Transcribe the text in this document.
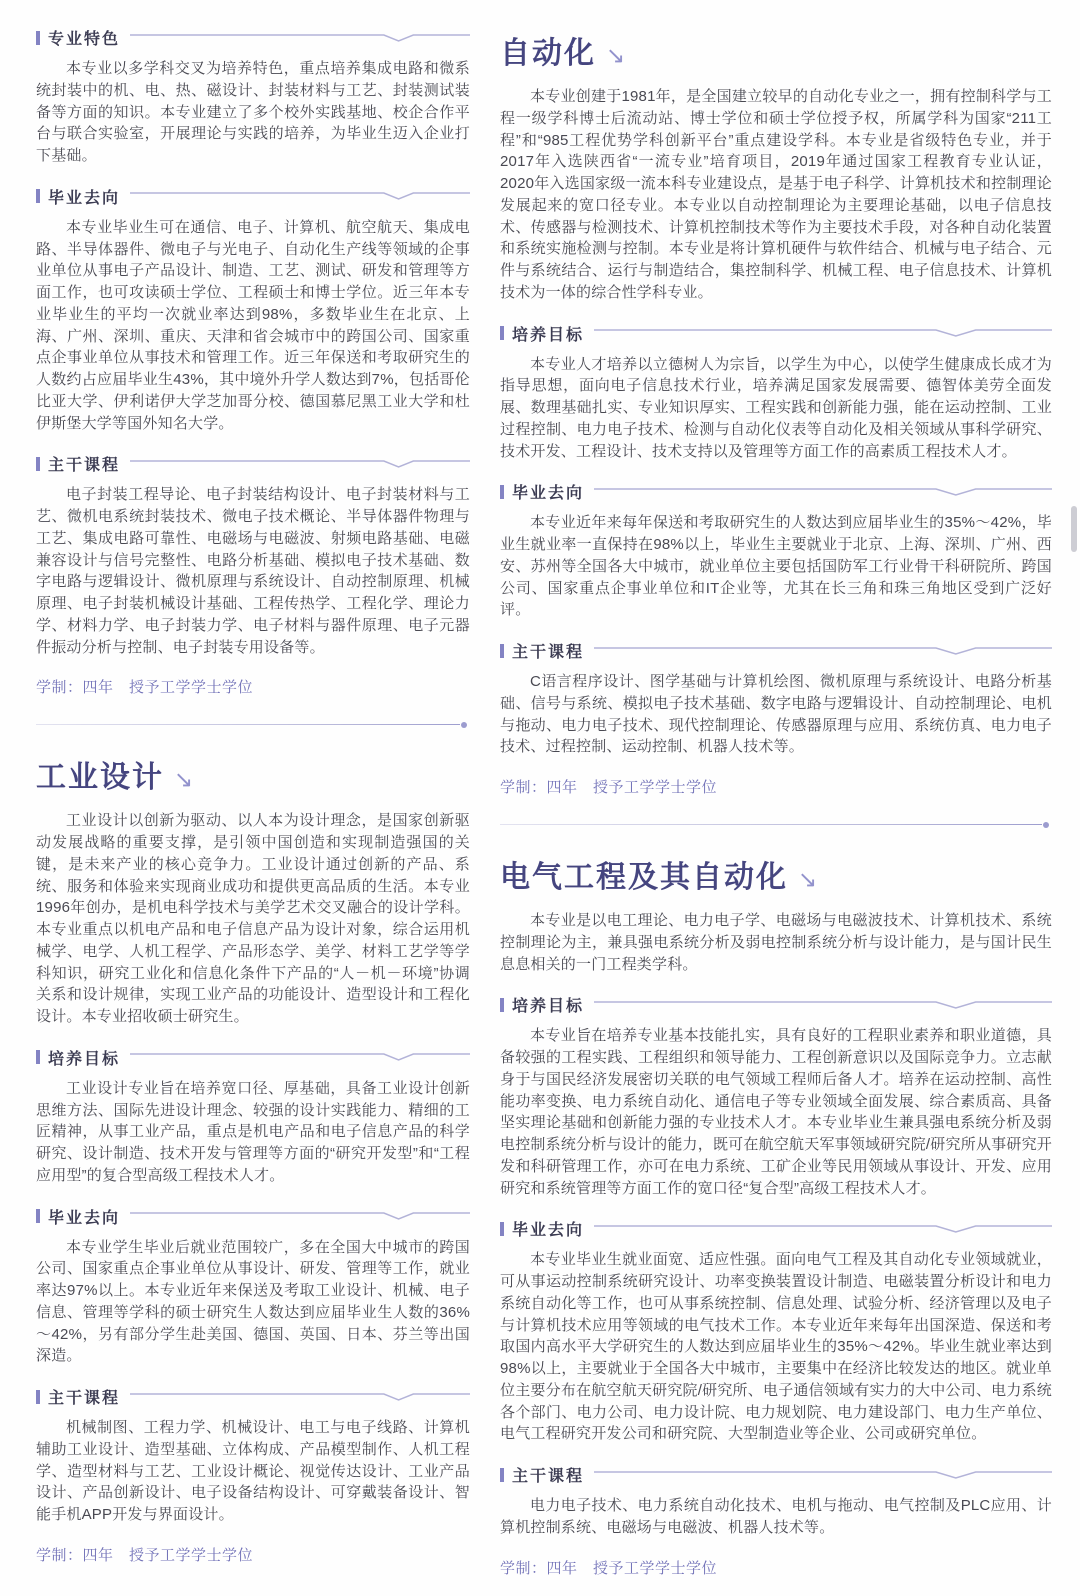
专业特色

本专业以多学科交叉为培养特色，重点培养集成电路和微系统封装中的机、电、热、磁设计、封装材料与工艺、封装测试装备等方面的知识。本专业建立了多个校外实践基地、校企合作平台与联合实验室，开展理论与实践的培养，为毕业生迈入企业打下基础。

毕业去向

本专业毕业生可在通信、电子、计算机、航空航天、集成电路、半导体器件、微电子与光电子、自动化生产线等领域的企事业单位从事电子产品设计、制造、工艺、测试、研发和管理等方面工作，也可攻读硕士学位、工程硕士和博士学位。近三年本专业毕业生的平均一次就业率达到98%，多数毕业生在北京、上海、广州、深圳、重庆、天津和省会城市中的跨国公司、国家重点企事业单位从事技术和管理工作。近三年保送和考取研究生的人数约占应届毕业生43%，其中境外升学人数达到7%，包括哥伦比亚大学、伊利诺伊大学芝加哥分校、德国慕尼黑工业大学和杜伊斯堡大学等国外知名大学。

主干课程

电子封装工程导论、电子封装结构设计、电子封装材料与工艺、微机电系统封装技术、微电子技术概论、半导体器件物理与工艺、集成电路可靠性、电磁场与电磁波、射频电路基础、电磁兼容设计与信号完整性、电路分析基础、模拟电子技术基础、数字电路与逻辑设计、微机原理与系统设计、自动控制原理、机械原理、电子封装机械设计基础、工程传热学、工程化学、理论力学、材料力学、电子封装力学、电子材料与器件原理、电子元器件振动分析与控制、电子封装专用设备等。

学制：四年　授予工学学士学位

工业设计 ↘

工业设计以创新为驱动、以人本为设计理念，是国家创新驱动发展战略的重要支撑，是引领中国创造和实现制造强国的关键，是未来产业的核心竞争力。工业设计通过创新的产品、系统、服务和体验来实现商业成功和提供更高品质的生活。本专业1996年创办，是机电科学技术与美学艺术交叉融合的设计学科。本专业重点以机电产品和电子信息产品为设计对象，综合运用机械学、电学、人机工程学、产品形态学、美学、材料工艺学等学科知识，研究工业化和信息化条件下产品的“人－机－环境”协调关系和设计规律，实现工业产品的功能设计、造型设计和工程化设计。本专业招收硕士研究生。

培养目标

工业设计专业旨在培养宽口径、厚基础，具备工业设计创新思维方法、国际先进设计理念、较强的设计实践能力、精细的工匠精神，从事工业产品，重点是机电产品和电子信息产品的科学研究、设计制造、技术开发与管理等方面的“研究开发型”和“工程应用型”的复合型高级工程技术人才。

毕业去向

本专业学生毕业后就业范围较广，多在全国大中城市的跨国公司、国家重点企事业单位从事设计、研发、管理等工作，就业率达97%以上。本专业近年来保送及考取工业设计、机械、电子信息、管理等学科的硕士研究生人数达到应届毕业生人数的36%～42%，另有部分学生赴美国、德国、英国、日本、芬兰等出国深造。

主干课程

机械制图、工程力学、机械设计、电工与电子线路、计算机辅助工业设计、造型基础、立体构成、产品模型制作、人机工程学、造型材料与工艺、工业设计概论、视觉传达设计、工业产品设计、产品创新设计、电子设备结构设计、可穿戴装备设计、智能手机APP开发与界面设计。

学制：四年　授予工学学士学位

自动化 ↘

本专业创建于1981年，是全国建立较早的自动化专业之一，拥有控制科学与工程一级学科博士后流动站、博士学位和硕士学位授予权，所属学科为国家“211工程”和“985工程优势学科创新平台”重点建设学科。本专业是省级特色专业，并于2017年入选陕西省“一流专业”培育项目，2019年通过国家工程教育专业认证，2020年入选国家级一流本科专业建设点，是基于电子科学、计算机技术和控制理论发展起来的宽口径专业。本专业以自动控制理论为主要理论基础，以电子信息技术、传感器与检测技术、计算机控制技术等作为主要技术手段，对各种自动化装置和系统实施检测与控制。本专业是将计算机硬件与软件结合、机械与电子结合、元件与系统结合、运行与制造结合，集控制科学、机械工程、电子信息技术、计算机技术为一体的综合性学科专业。

培养目标

本专业人才培养以立德树人为宗旨，以学生为中心，以使学生健康成长成才为指导思想，面向电子信息技术行业，培养满足国家发展需要、德智体美劳全面发展、数理基础扎实、专业知识厚实、工程实践和创新能力强，能在运动控制、工业过程控制、电力电子技术、检测与自动化仪表等自动化及相关领域从事科学研究、技术开发、工程设计、技术支持以及管理等方面工作的高素质工程技术人才。

毕业去向

本专业近年来每年保送和考取研究生的人数达到应届毕业生的35%～42%，毕业生就业率一直保持在98%以上，毕业生主要就业于北京、上海、深圳、广州、西安、苏州等全国各大中城市，就业单位主要包括国防军工行业骨干科研院所、跨国公司、国家重点企事业单位和IT企业等，尤其在长三角和珠三角地区受到广泛好评。

主干课程

C语言程序设计、图学基础与计算机绘图、微机原理与系统设计、电路分析基础、信号与系统、模拟电子技术基础、数字电路与逻辑设计、自动控制理论、电机与拖动、电力电子技术、现代控制理论、传感器原理与应用、系统仿真、电力电子技术、过程控制、运动控制、机器人技术等。

学制：四年　授予工学学士学位

电气工程及其自动化 ↘

本专业是以电工理论、电力电子学、电磁场与电磁波技术、计算机技术、系统控制理论为主，兼具强电系统分析及弱电控制系统分析与设计能力，是与国计民生息息相关的一门工程类学科。

培养目标

本专业旨在培养专业基本技能扎实，具有良好的工程职业素养和职业道德，具备较强的工程实践、工程组织和领导能力、工程创新意识以及国际竞争力。立志献身于与国民经济发展密切关联的电气领域工程师后备人才。培养在运动控制、高性能功率变换、电力系统自动化、通信电子等专业领域全面发展、综合素质高、具备坚实理论基础和创新能力强的专业技术人才。本专业毕业生兼具强电系统分析及弱电控制系统分析与设计的能力，既可在航空航天军事领域研究院/研究所从事研究开发和科研管理工作，亦可在电力系统、工矿企业等民用领域从事设计、开发、应用研究和系统管理等方面工作的宽口径“复合型”高级工程技术人才。

毕业去向

本专业毕业生就业面宽、适应性强。面向电气工程及其自动化专业领域就业，可从事运动控制系统研究设计、功率变换装置设计制造、电磁装置分析设计和电力系统自动化等工作，也可从事系统控制、信息处理、试验分析、经济管理以及电子与计算机技术应用等领域的电气技术工作。本专业近年来每年出国深造、保送和考取国内高水平大学研究生的人数达到应届毕业生的35%～42%。毕业生就业率达到98%以上，主要就业于全国各大中城市，主要集中在经济比较发达的地区。就业单位主要分布在航空航天研究院/研究所、电子通信领域有实力的大中公司、电力系统各个部门、电力公司、电力设计院、电力规划院、电力建设部门、电力生产单位、电气工程研究开发公司和研究院、大型制造业等企业、公司或研究单位。

主干课程

电力电子技术、电力系统自动化技术、电机与拖动、电气控制及PLC应用、计算机控制系统、电磁场与电磁波、机器人技术等。

学制：四年　授予工学学士学位
